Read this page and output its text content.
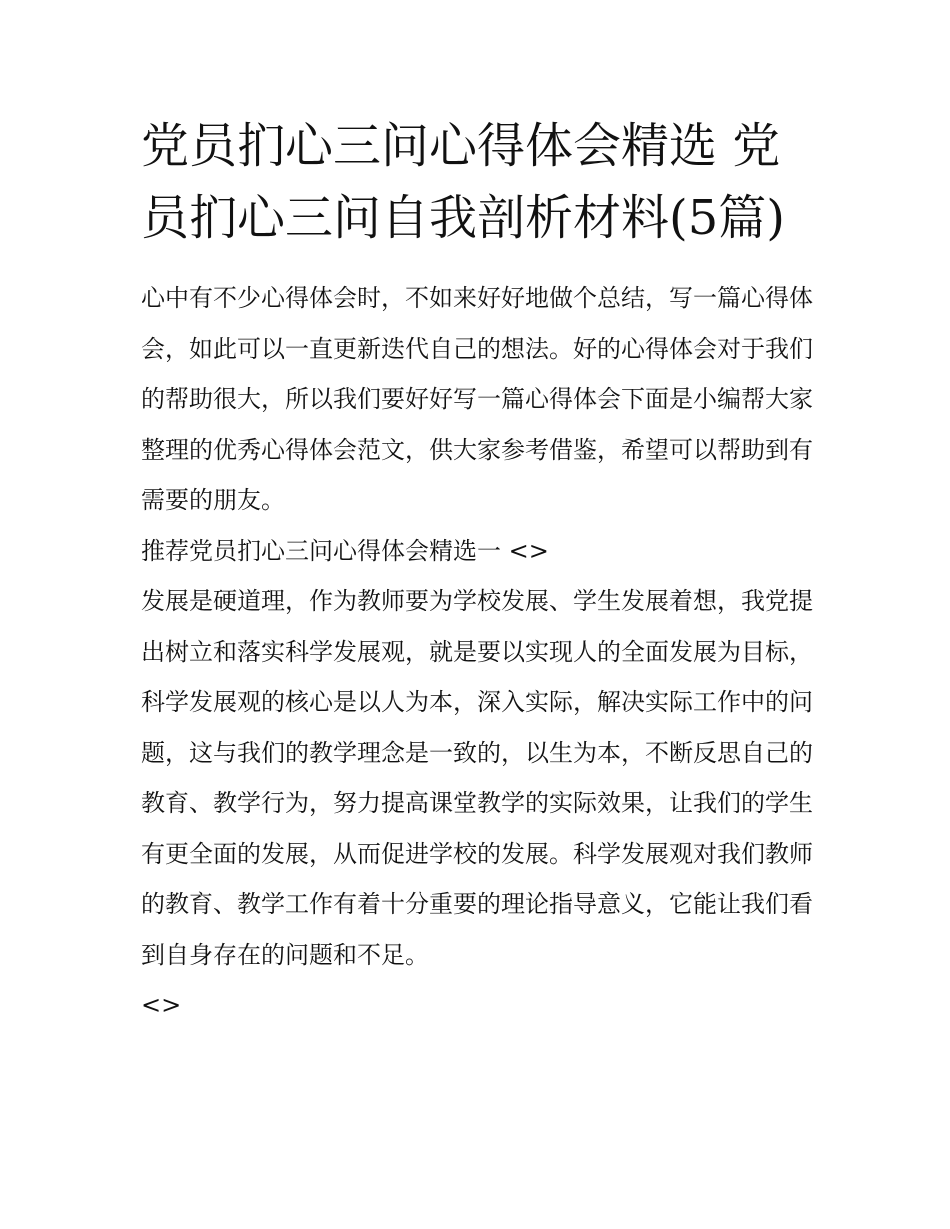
党员扪心三问心得体会精选 党员扪心三问自我剖析材料(5篇)

心中有不少心得体会时，不如来好好地做个总结，写一篇心得体会，如此可以一直更新迭代自己的想法。好的心得体会对于我们的帮助很大，所以我们要好好写一篇心得体会下面是小编帮大家整理的优秀心得体会范文，供大家参考借鉴，希望可以帮助到有需要的朋友。

推荐党员扪心三问心得体会精选一 <>

发展是硬道理，作为教师要为学校发展、学生发展着想，我党提出树立和落实科学发展观，就是要以实现人的全面发展为目标，科学发展观的核心是以人为本，深入实际，解决实际工作中的问题，这与我们的教学理念是一致的，以生为本，不断反思自己的教育、教学行为，努力提高课堂教学的实际效果，让我们的学生有更全面的发展，从而促进学校的发展。科学发展观对我们教师的教育、教学工作有着十分重要的理论指导意义，它能让我们看到自身存在的问题和不足。

<>
